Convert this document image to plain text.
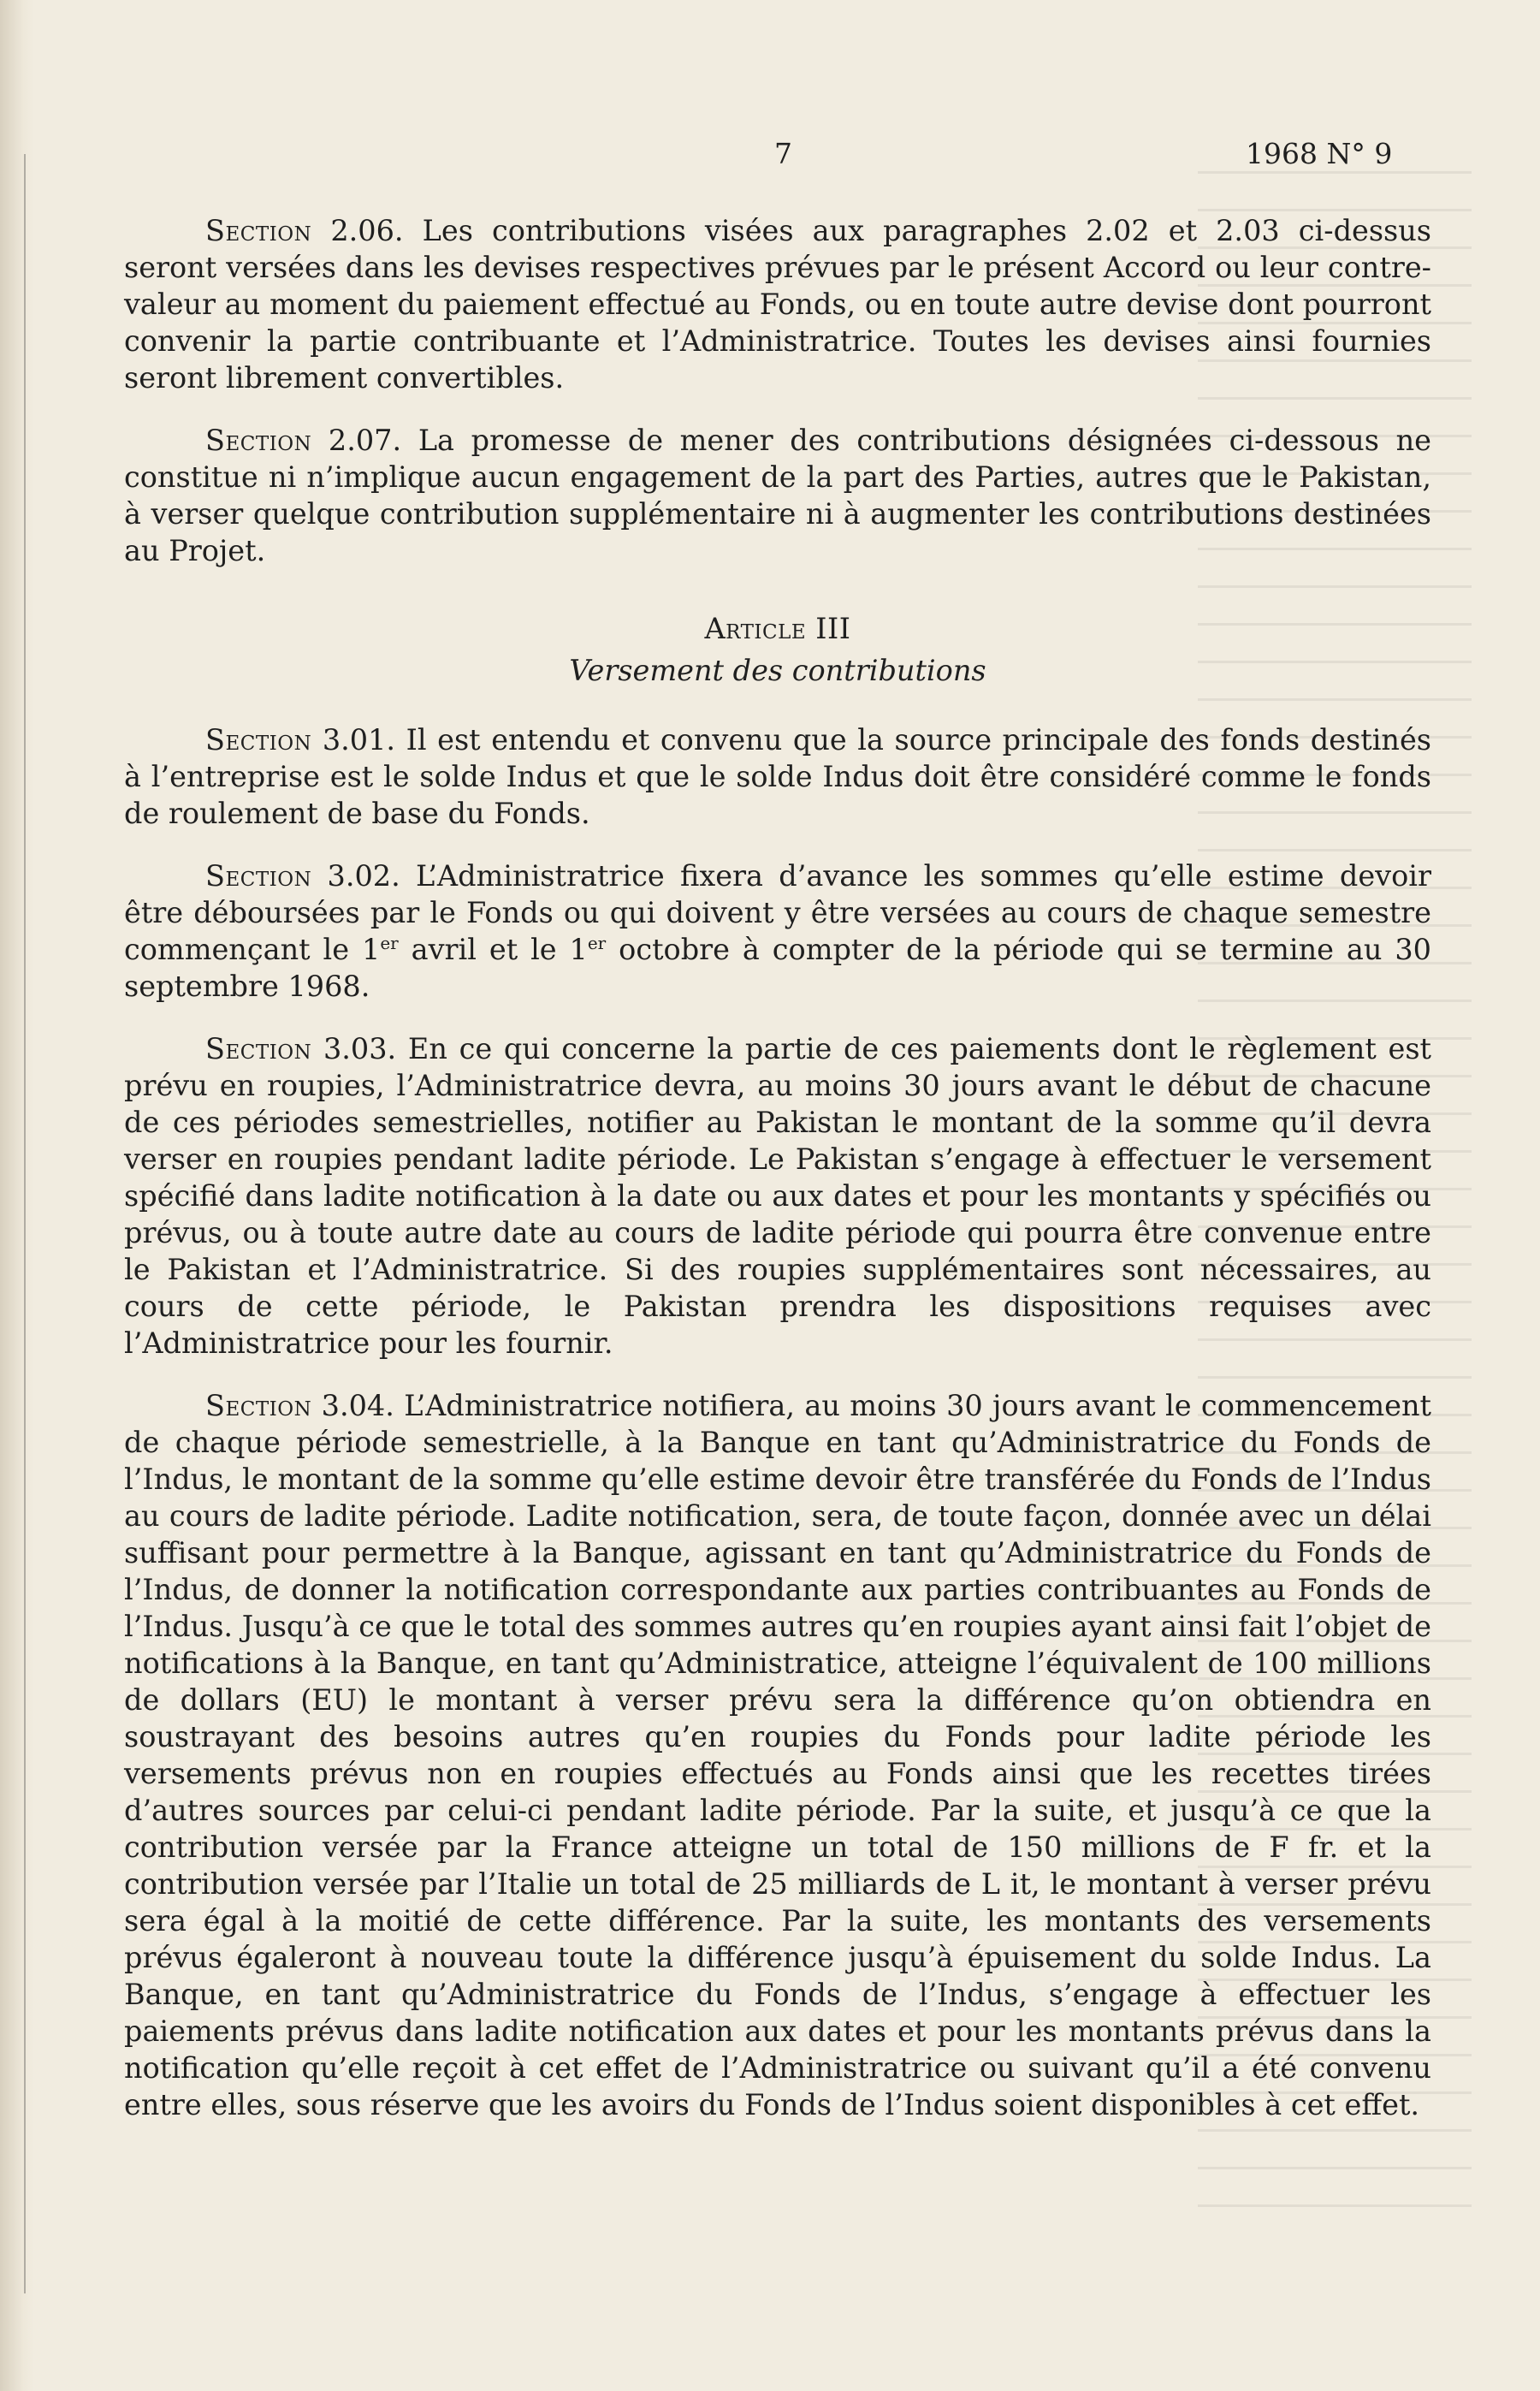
7	1968 N° 9

Section 2.06. Les contributions visées aux paragraphes 2.02 et 2.03 ci-dessus seront versées dans les devises respectives prévues par le présent Accord ou leur contre-valeur au moment du paiement effectué au Fonds, ou en toute autre devise dont pourront convenir la partie contribuante et l’Administratrice. Toutes les devises ainsi fournies seront librement convertibles.

Section 2.07. La promesse de mener des contributions désignées ci-dessous ne constitue ni n’implique aucun engagement de la part des Parties, autres que le Pakistan, à verser quelque contribution supplémentaire ni à augmenter les contributions destinées au Projet.

Article III
Versement des contributions

Section 3.01. Il est entendu et convenu que la source principale des fonds destinés à l’entreprise est le solde Indus et que le solde Indus doit être considéré comme le fonds de roulement de base du Fonds.

Section 3.02. L’Administratrice fixera d’avance les sommes qu’elle estime devoir être déboursées par le Fonds ou qui doivent y être versées au cours de chaque semestre commençant le 1er avril et le 1er octobre à compter de la période qui se termine au 30 septembre 1968.

Section 3.03. En ce qui concerne la partie de ces paiements dont le règlement est prévu en roupies, l’Administratrice devra, au moins 30 jours avant le début de chacune de ces périodes semestrielles, notifier au Pakistan le montant de la somme qu’il devra verser en roupies pendant ladite période. Le Pakistan s’engage à effectuer le versement spécifié dans ladite notification à la date ou aux dates et pour les montants y spécifiés ou prévus, ou à toute autre date au cours de ladite période qui pourra être convenue entre le Pakistan et l’Administratrice. Si des roupies supplémentaires sont nécessaires, au cours de cette période, le Pakistan prendra les dispositions requises avec l’Administratrice pour les fournir.

Section 3.04. L’Administratrice notifiera, au moins 30 jours avant le commencement de chaque période semestrielle, à la Banque en tant qu’Administratrice du Fonds de l’Indus, le montant de la somme qu’elle estime devoir être transférée du Fonds de l’Indus au cours de ladite période. Ladite notification, sera, de toute façon, donnée avec un délai suffisant pour permettre à la Banque, agissant en tant qu’Administratrice du Fonds de l’Indus, de donner la notification correspondante aux parties contribuantes au Fonds de l’Indus. Jusqu’à ce que le total des sommes autres qu’en roupies ayant ainsi fait l’objet de notifications à la Banque, en tant qu’Administratice, atteigne l’équivalent de 100 millions de dollars (EU) le montant à verser prévu sera la différence qu’on obtiendra en soustrayant des besoins autres qu’en roupies du Fonds pour ladite période les versements prévus non en roupies effectués au Fonds ainsi que les recettes tirées d’autres sources par celui-ci pendant ladite période. Par la suite, et jusqu’à ce que la contribution versée par la France atteigne un total de 150 millions de F fr. et la contribution versée par l’Italie un total de 25 milliards de L it, le montant à verser prévu sera égal à la moitié de cette différence. Par la suite, les montants des versements prévus égaleront à nouveau toute la différence jusqu’à épuisement du solde Indus. La Banque, en tant qu’Administratrice du Fonds de l’Indus, s’engage à effectuer les paiements prévus dans ladite notification aux dates et pour les montants prévus dans la notification qu’elle reçoit à cet effet de l’Administratrice ou suivant qu’il a été convenu entre elles, sous réserve que les avoirs du Fonds de l’Indus soient disponibles à cet effet.
